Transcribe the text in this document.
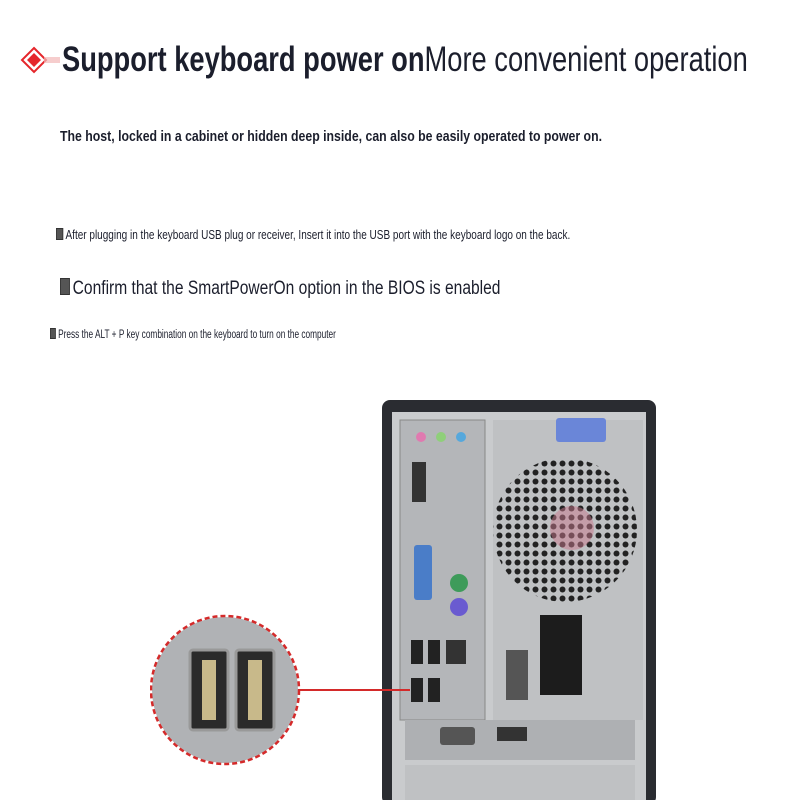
Support keyboard power onMore convenient operation
The host, locked in a cabinet or hidden deep inside, can also be easily operated to power on.
After plugging in the keyboard USB plug or receiver, Insert it into the USB port with the keyboard logo on the back.
Confirm that the SmartPowerOn option in the BIOS is enabled
Press the ALT + P key combination on the keyboard to turn on the computer
